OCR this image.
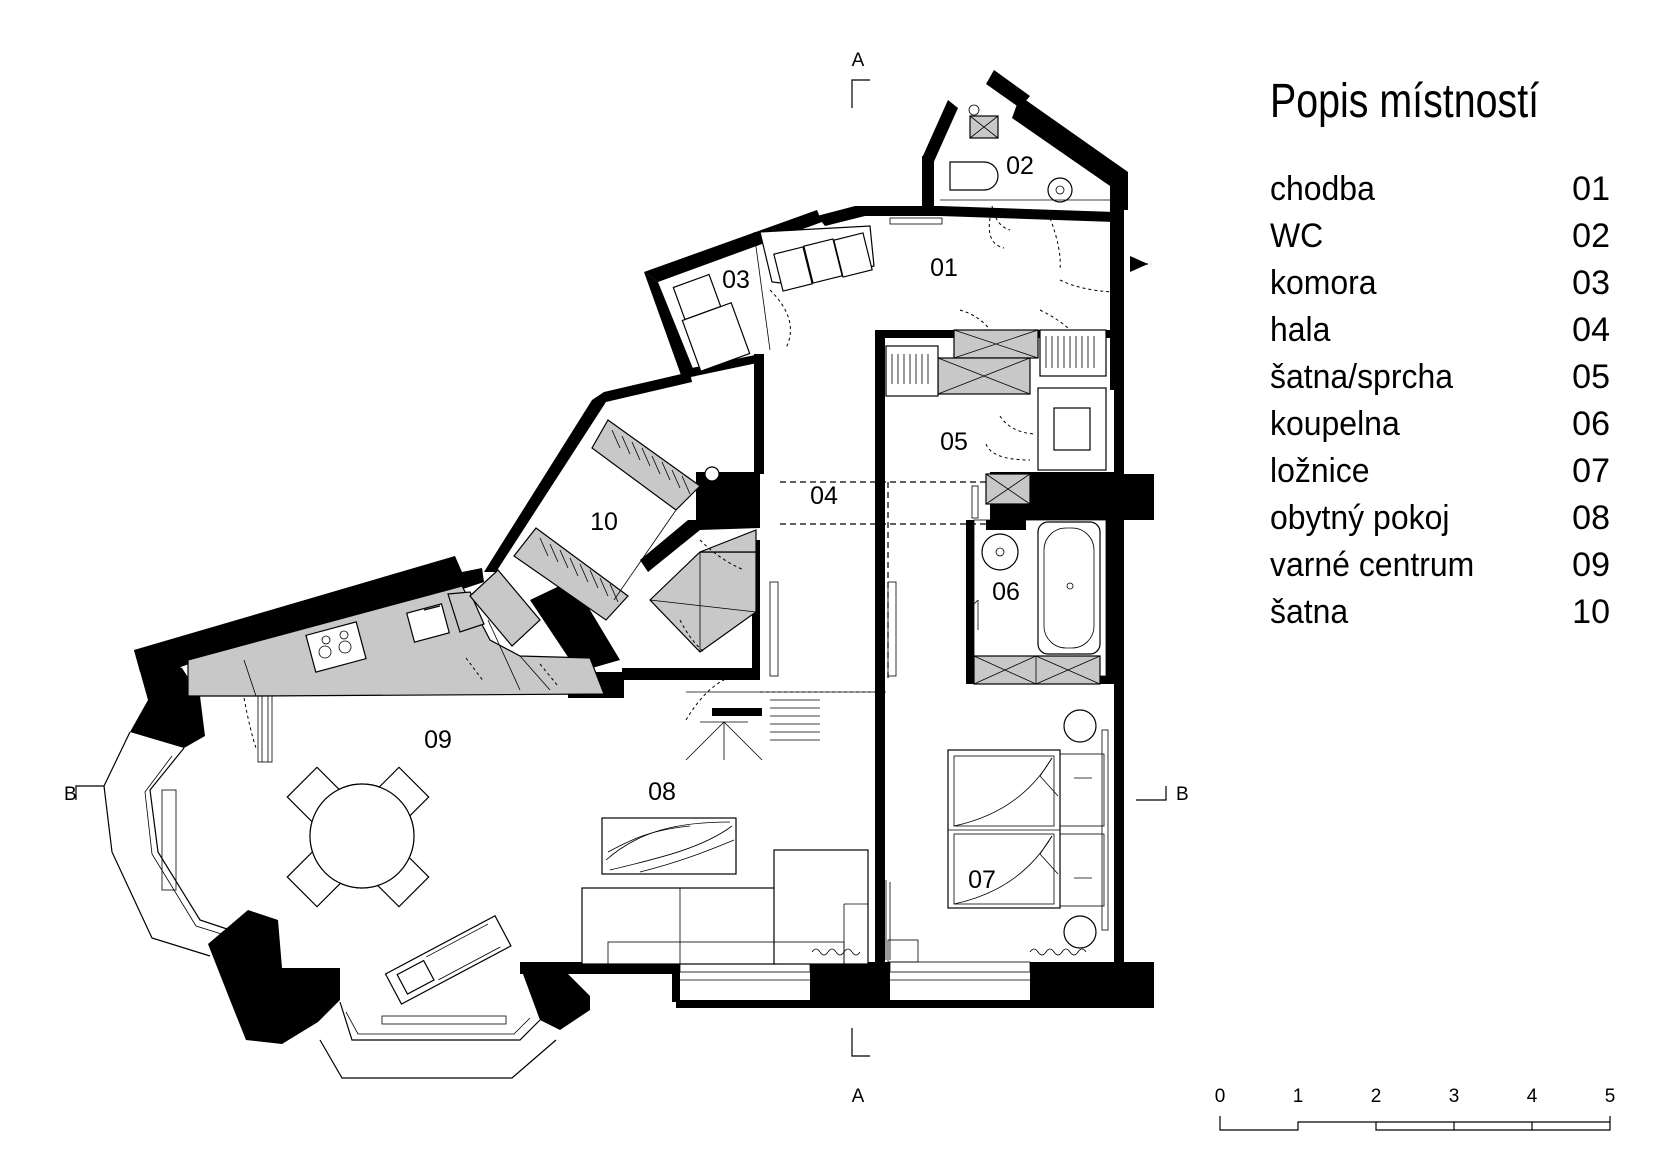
A
A
B	B
01
02
03
04
05
06
07
08
09
10
Popis místností
chodba	01
WC	02
komora	03
hala	04
šatna/sprcha	05
koupelna	06
ložnice	07
obytný pokoj	08
varné centrum	09
šatna	10
0	1	2	3	4	5
